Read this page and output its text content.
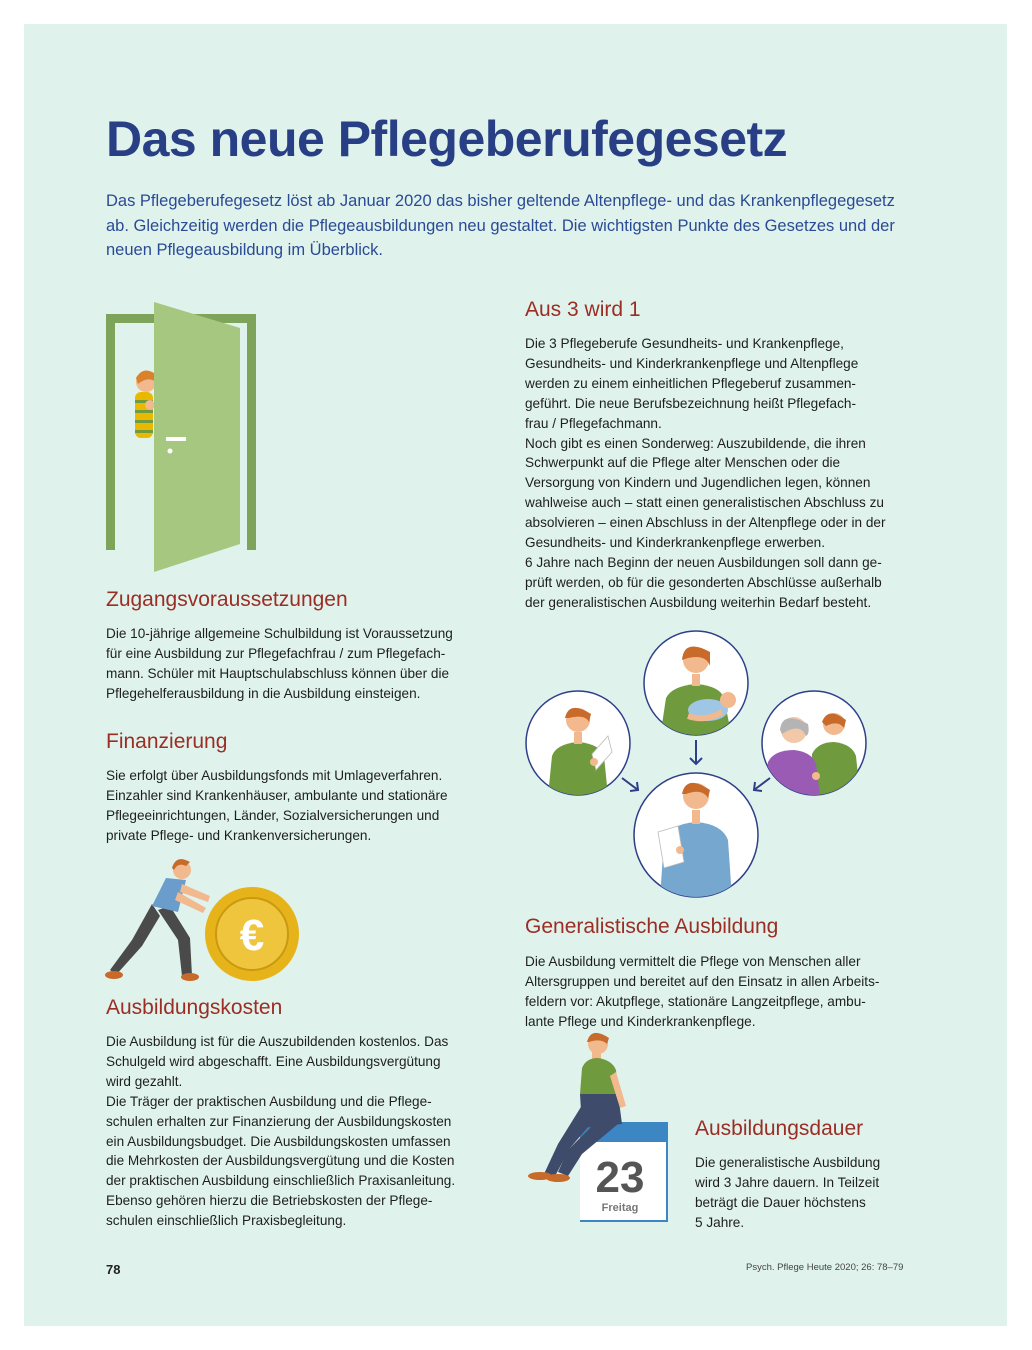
Das neue Pflegeberufegesetz

Das Pflegeberufegesetz löst ab Januar 2020 das bisher geltende Altenpflege- und das Krankenpflegegesetz
ab. Gleichzeitig werden die Pflegeausbildungen neu gestaltet. Die wichtigsten Punkte des Gesetzes und der
neuen Pflegeausbildung im Überblick.

Aus 3 wird 1

Die 3 Pflegeberufe Gesundheits- und Krankenpflege,
Gesundheits- und Kinderkrankenpflege und Altenpflege
werden zu einem einheitlichen Pflegeberuf zusammen-
geführt. Die neue Berufsbezeichnung heißt Pflegefach-
frau / Pflegefachmann.
Noch gibt es einen Sonderweg: Auszubildende, die ihren
Schwerpunkt auf die Pflege alter Menschen oder die
Versorgung von Kindern und Jugendlichen legen, können
wahlweise auch – statt einen generalistischen Abschluss zu
absolvieren – einen Abschluss in der Altenpflege oder in der
Gesundheits- und Kinderkrankenpflege erwerben.
6 Jahre nach Beginn der neuen Ausbildungen soll dann ge-
prüft werden, ob für die gesonderten Abschlüsse außerhalb
der generalistischen Ausbildung weiterhin Bedarf besteht.

Zugangsvoraussetzungen

Die 10-jährige allgemeine Schulbildung ist Voraussetzung
für eine Ausbildung zur Pflegefachfrau / zum Pflegefach-
mann. Schüler mit Hauptschulabschluss können über die
Pflegehelferausbildung in die Ausbildung einsteigen.

Finanzierung

Sie erfolgt über Ausbildungsfonds mit Umlageverfahren.
Einzahler sind Krankenhäuser, ambulante und stationäre
Pflegeeinrichtungen, Länder, Sozialversicherungen und
private Pflege- und Krankenversicherungen.

€
Ausbildungskosten

Die Ausbildung ist für die Auszubildenden kostenlos. Das
Schulgeld wird abgeschafft. Eine Ausbildungsvergütung
wird gezahlt.
Die Träger der praktischen Ausbildung und die Pflege-
schulen erhalten zur Finanzierung der Ausbildungskosten
ein Ausbildungsbudget. Die Ausbildungskosten umfassen
die Mehrkosten der Ausbildungsvergütung und die Kosten
der praktischen Ausbildung einschließlich Praxisanleitung.
Ebenso gehören hierzu die Betriebskosten der Pflege-
schulen einschließlich Praxisbegleitung.

Generalistische Ausbildung

Die Ausbildung vermittelt die Pflege von Menschen aller
Altersgruppen und bereitet auf den Einsatz in allen Arbeits-
feldern vor: Akutpflege, stationäre Langzeitpflege, ambu-
lante Pflege und Kinderkrankenpflege.

23
Freitag
Ausbildungsdauer

Die generalistische Ausbildung
wird 3 Jahre dauern. In Teilzeit
beträgt die Dauer höchstens
5 Jahre.

78	Psych. Pflege Heute 2020; 26: 78–79
